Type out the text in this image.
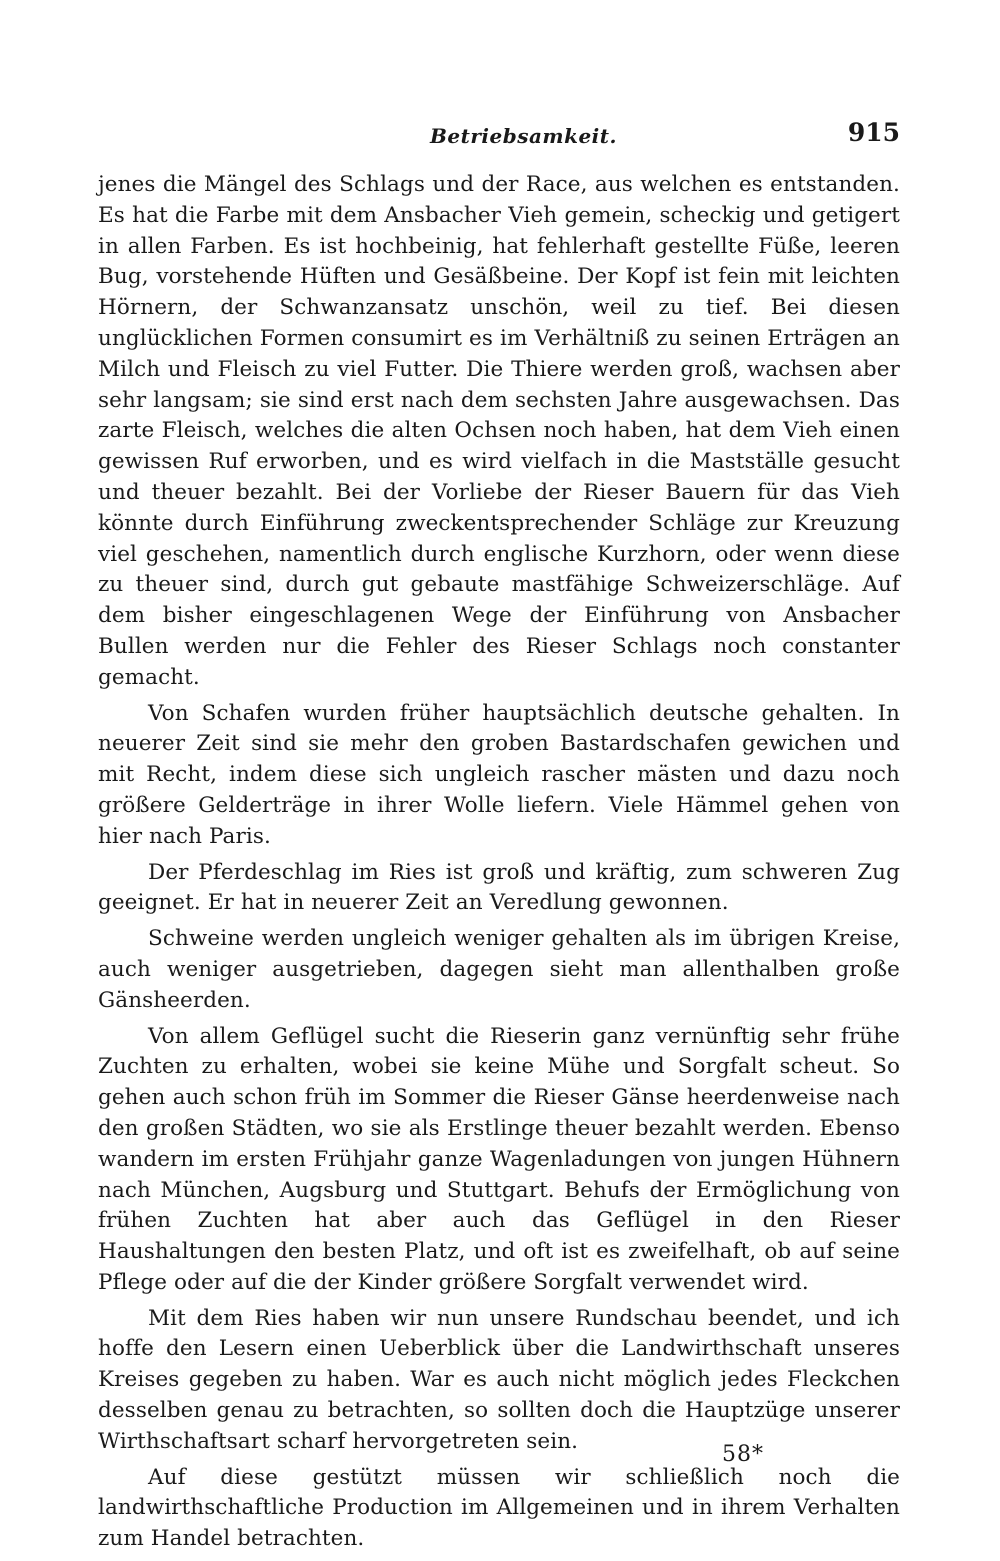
Betriebsamkeit.	915

jenes die Mängel des Schlags und der Race, aus welchen es entstanden. Es hat die Farbe mit dem Ansbacher Vieh gemein, scheckig und getigert in allen Farben. Es ist hochbeinig, hat fehlerhaft gestellte Füße, leeren Bug, vorstehende Hüften und Gesäßbeine. Der Kopf ist fein mit leichten Hörnern, der Schwanzansatz unschön, weil zu tief. Bei diesen unglücklichen Formen consumirt es im Verhältniß zu seinen Erträgen an Milch und Fleisch zu viel Futter. Die Thiere werden groß, wachsen aber sehr langsam; sie sind erst nach dem sechsten Jahre ausgewachsen. Das zarte Fleisch, welches die alten Ochsen noch haben, hat dem Vieh einen gewissen Ruf erworben, und es wird vielfach in die Mastställe gesucht und theuer bezahlt. Bei der Vorliebe der Rieser Bauern für das Vieh könnte durch Einführung zweckentsprechender Schläge zur Kreuzung viel geschehen, namentlich durch englische Kurzhorn, oder wenn diese zu theuer sind, durch gut gebaute mastfähige Schweizerschläge. Auf dem bisher eingeschlagenen Wege der Einführung von Ansbacher Bullen werden nur die Fehler des Rieser Schlags noch constanter gemacht.

Von Schafen wurden früher hauptsächlich deutsche gehalten. In neuerer Zeit sind sie mehr den groben Bastardschafen gewichen und mit Recht, indem diese sich ungleich rascher mästen und dazu noch größere Gelderträge in ihrer Wolle liefern. Viele Hämmel gehen von hier nach Paris.

Der Pferdeschlag im Ries ist groß und kräftig, zum schweren Zug geeignet. Er hat in neuerer Zeit an Veredlung gewonnen.

Schweine werden ungleich weniger gehalten als im übrigen Kreise, auch weniger ausgetrieben, dagegen sieht man allenthalben große Gänsheerden.

Von allem Geflügel sucht die Rieserin ganz vernünftig sehr frühe Zuchten zu erhalten, wobei sie keine Mühe und Sorgfalt scheut. So gehen auch schon früh im Sommer die Rieser Gänse heerdenweise nach den großen Städten, wo sie als Erstlinge theuer bezahlt werden. Ebenso wandern im ersten Frühjahr ganze Wagenladungen von jungen Hühnern nach München, Augsburg und Stuttgart. Behufs der Ermöglichung von frühen Zuchten hat aber auch das Geflügel in den Rieser Haushaltungen den besten Platz, und oft ist es zweifelhaft, ob auf seine Pflege oder auf die der Kinder größere Sorgfalt verwendet wird.

Mit dem Ries haben wir nun unsere Rundschau beendet, und ich hoffe den Lesern einen Ueberblick über die Landwirthschaft unseres Kreises gegeben zu haben. War es auch nicht möglich jedes Fleckchen desselben genau zu betrachten, so sollten doch die Hauptzüge unserer Wirthschaftsart scharf hervorgetreten sein.

Auf diese gestützt müssen wir schließlich noch die landwirthschaftliche Production im Allgemeinen und in ihrem Verhalten zum Handel betrachten.

58*
